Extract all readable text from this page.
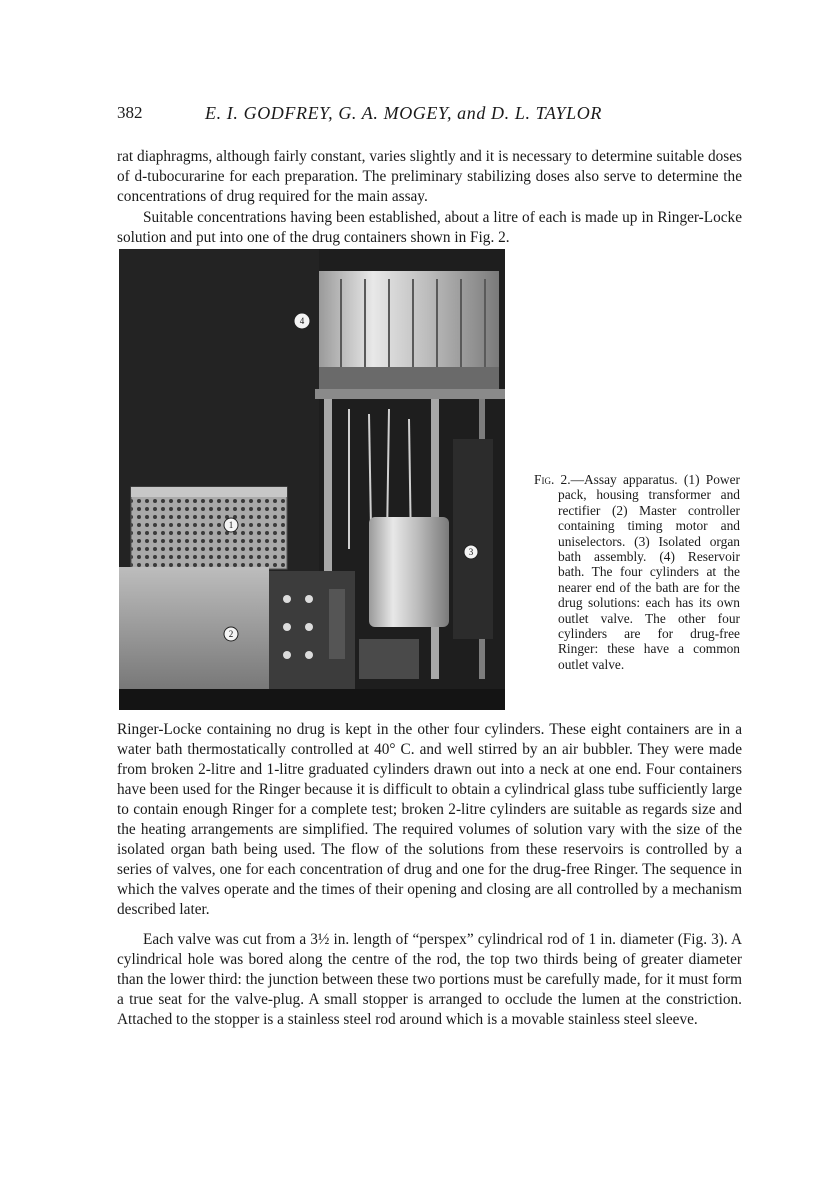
382	E. I. GODFREY, G. A. MOGEY, and D. L. TAYLOR

rat diaphragms, although fairly constant, varies slightly and it is necessary to determine suitable doses of d-tubocurarine for each preparation. The preliminary stabilizing doses also serve to determine the concentrations of drug required for the main assay.

Suitable concentrations having been established, about a litre of each is made up in Ringer-Locke solution and put into one of the drug containers shown in Fig. 2.

1
2
3
4

Fig. 2.—Assay apparatus. (1) Power pack, housing transformer and rectifier (2) Master controller containing timing motor and uniselectors. (3) Isolated organ bath assembly. (4) Reservoir bath. The four cylinders at the nearer end of the bath are for the drug solutions: each has its own outlet valve. The other four cylinders are for drug-free Ringer: these have a common outlet valve.

Ringer-Locke containing no drug is kept in the other four cylinders. These eight containers are in a water bath thermostatically controlled at 40° C. and well stirred by an air bubbler. They were made from broken 2-litre and 1-litre graduated cylinders drawn out into a neck at one end. Four containers have been used for the Ringer because it is difficult to obtain a cylindrical glass tube sufficiently large to contain enough Ringer for a complete test; broken 2-litre cylinders are suitable as regards size and the heating arrangements are simplified. The required volumes of solution vary with the size of the isolated organ bath being used. The flow of the solutions from these reservoirs is controlled by a series of valves, one for each concentration of drug and one for the drug-free Ringer. The sequence in which the valves operate and the times of their opening and closing are all controlled by a mechanism described later.

Each valve was cut from a 3½ in. length of “perspex” cylindrical rod of 1 in. diameter (Fig. 3). A cylindrical hole was bored along the centre of the rod, the top two thirds being of greater diameter than the lower third: the junction between these two portions must be carefully made, for it must form a true seat for the valve-plug. A small stopper is arranged to occlude the lumen at the constriction. Attached to the stopper is a stainless steel rod around which is a movable stainless steel sleeve.
